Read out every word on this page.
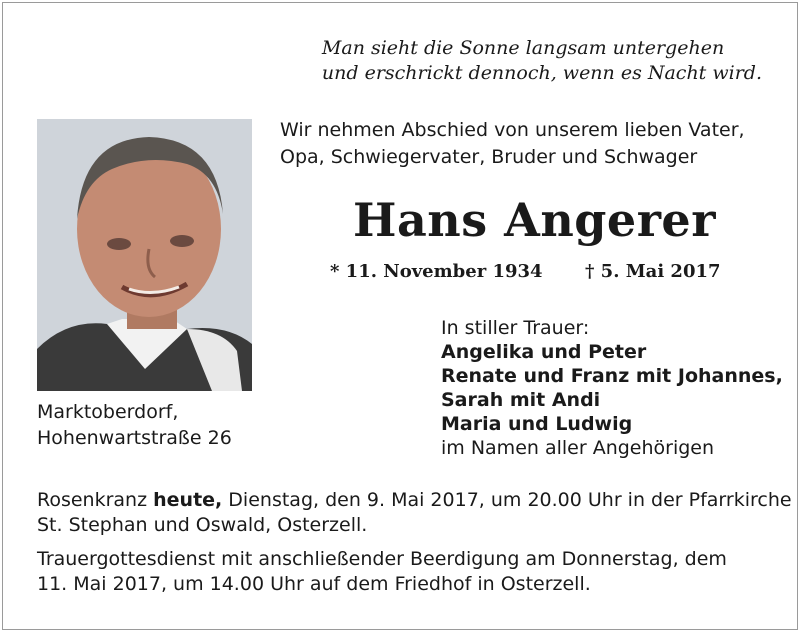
Man sieht die Sonne langsam untergehen
und erschrickt dennoch, wenn es Nacht wird.
Wir nehmen Abschied von unserem lieben Vater,
Opa, Schwiegervater, Bruder und Schwager
Hans Angerer
* 11. November 1934 † 5. Mai 2017
Marktoberdorf,
Hohenwartstraße 26
In stiller Trauer:
Angelika und Peter
Renate und Franz mit Johannes,
Sarah mit Andi
Maria und Ludwig
im Namen aller Angehörigen

Rosenkranz heute, Dienstag, den 9. Mai 2017, um 20.00 Uhr in der Pfarrkirche
St. Stephan und Oswald, Osterzell.

Trauergottesdienst mit anschließender Beerdigung am Donnerstag, dem
11. Mai 2017, um 14.00 Uhr auf dem Friedhof in Osterzell.
